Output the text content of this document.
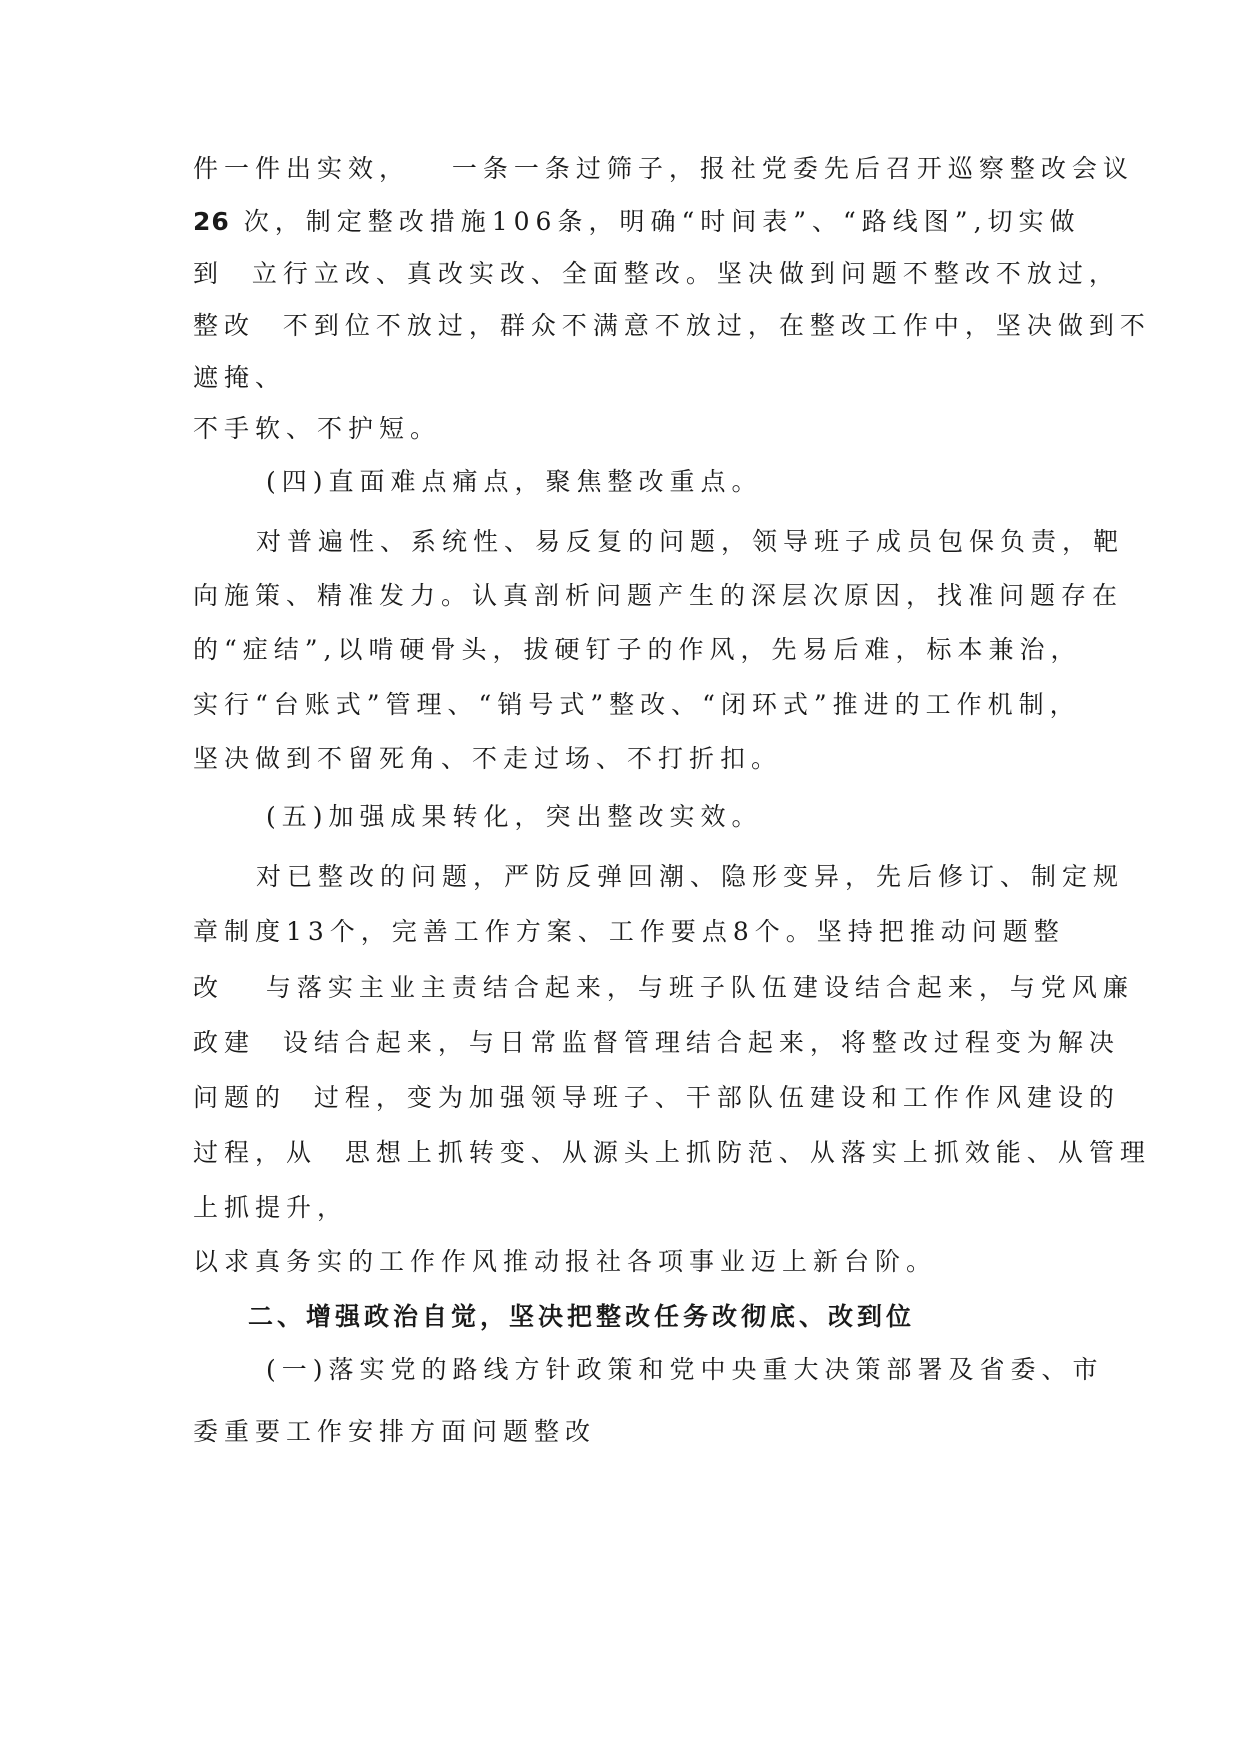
件一件出实效，   一条一条过筛子，报社党委先后召开巡察整改会议
26 次，制定整改措施106条，明确“时间表”、“路线图”,切实做
到  立行立改、真改实改、全面整改。坚决做到问题不整改不放过，
整改  不到位不放过，群众不满意不放过，在整改工作中，坚决做到不
遮掩、
不手软、不护短。
(四)直面难点痛点，聚焦整改重点。
对普遍性、系统性、易反复的问题，领导班子成员包保负责，靶
向施策、精准发力。认真剖析问题产生的深层次原因，找准问题存在
的“症结”,以啃硬骨头，拔硬钉子的作风，先易后难，标本兼治，
实行“台账式”管理、“销号式”整改、“闭环式”推进的工作机制，
坚决做到不留死角、不走过场、不打折扣。
(五)加强成果转化，突出整改实效。
对已整改的问题，严防反弹回潮、隐形变异，先后修订、制定规
章制度13个，完善工作方案、工作要点8个。坚持把推动问题整
改   与落实主业主责结合起来，与班子队伍建设结合起来，与党风廉
政建  设结合起来，与日常监督管理结合起来，将整改过程变为解决
问题的  过程，变为加强领导班子、干部队伍建设和工作作风建设的
过程，从  思想上抓转变、从源头上抓防范、从落实上抓效能、从管理
上抓提升，
以求真务实的工作作风推动报社各项事业迈上新台阶。
二、增强政治自觉，坚决把整改任务改彻底、改到位
(一)落实党的路线方针政策和党中央重大决策部署及省委、市
委重要工作安排方面问题整改
